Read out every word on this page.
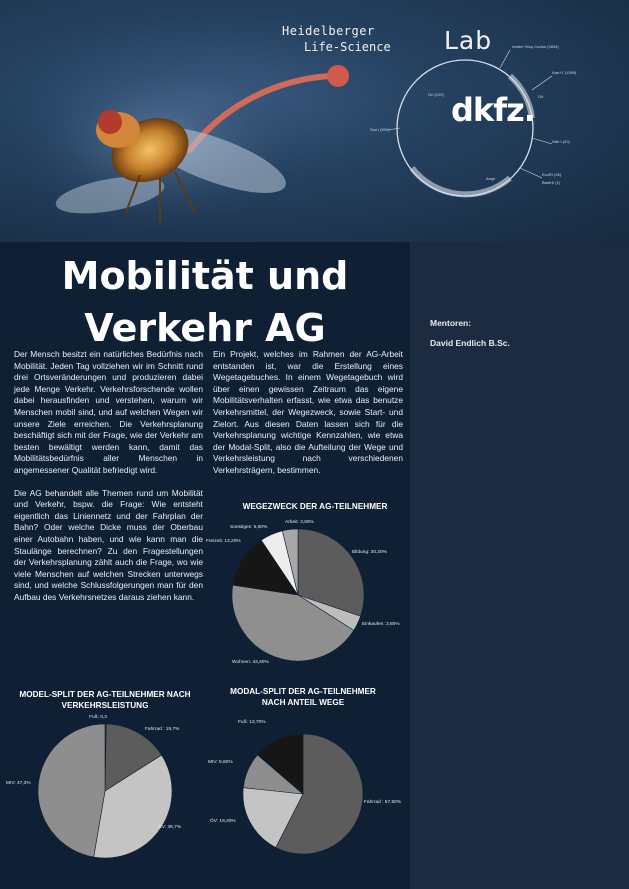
Heidelberger
Life-Science Lab	Amber Stop Codon (0604)
Kan+1 (1959)
Ori
Nde I (20)
EcoRI (26)
Ampl
Sca I (500)
Ori (120)
BamHI (1)
dkfz.
Mobilität und
Verkehr AG

Der Mensch besitzt ein natürliches Bedürfnis nach Mobilität. Jeden Tag vollziehen wir im Schnitt rund drei Ortsveränderungen und produzieren dabei jede Menge Verkehr. Verkehrsforschende wollen dabei herausfinden und verstehen, warum wir Menschen mobil sind, und auf welchen Wegen wir unsere Ziele erreichen. Die Verkehrsplanung beschäftigt sich mit der Frage, wie der Verkehr am besten bewältigt werden kann, damit das Mobilitätsbedürfnis aller Menschen in angemessener Qualität befriedigt wird.

Die AG behandelt alle Themen rund um Mobilität und Verkehr, bspw. die Frage: Wie entsteht eigentlich das Liniennetz und der Fahrplan der Bahn? Oder welche Dicke muss der Oberbau einer Autobahn haben, und wie kann man die Staulänge berechnen? Zu den Fragestellungen der Verkehrsplanung zählt auch die Frage, wo wie viele Menschen auf welchen Strecken unterwegs sind, und welche Schlussfolgerungen man für den Aufbau des Verkehrsnetzes daraus ziehen kann.

Ein Projekt, welches im Rahmen der AG-Arbeit entstanden ist, war die Erstellung eines Wegetagebuches. In einem Wegetagebuch wird über einen gewissen Zeitraum das eigene Mobilitätsverhalten erfasst, wie etwa das benutze Verkehrsmittel, der Wegezweck, sowie Start- und Zielort. Aus diesen Daten lassen sich für die Verkehrsplanung wichtige Kennzahlen, wie etwa der Modal-Split, also die Aufteilung der Wege und Verkehrsleistung nach verschiedenen Verkehrsträgern, bestimmen.

Mentoren:
David Endlich B.Sc.
WEGEZWECK DER AG-TEILNEHMER
Bildung: 30,20%
Einkaufen: 3,80%
Wohnen: 43,40%
Freizeit: 13,20%
Sonstiges: 5,60%
Arbeit: 3,80%
MODEL-SPLIT DER AG-TEILNEHMER NACH VERKEHRSLEISTUNG
Fuß: 0,3
Fahrrad : 15,7%
ÖV: 36,7%
MIV: 47,3%
MODAL-SPLIT DER AG-TEILNEHMER NACH ANTEIL WEGE
Fahrrad : 57,50%
ÖV: 19,20%
MIV: 9,60%
Fuß: 13,70%
